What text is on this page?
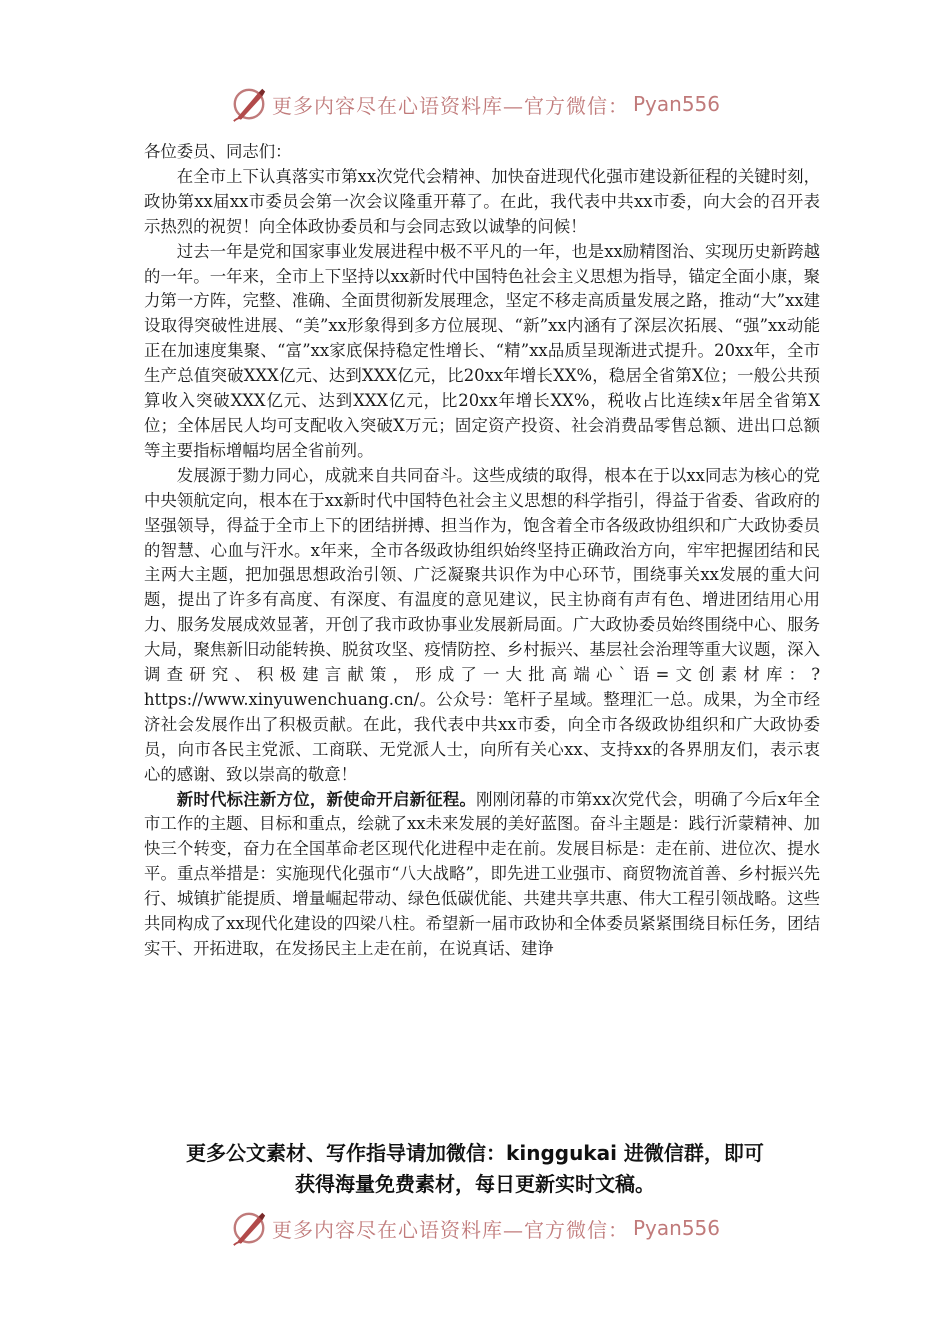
更多内容尽在心语资料库—官方微信： Pyan556

各位委员、同志们：

在全市上下认真落实市第xx次党代会精神、加快奋进现代化强市建设新征程的关键时刻，政协第xx届xx市委员会第一次会议隆重开幕了。在此，我代表中共xx市委，向大会的召开表示热烈的祝贺！向全体政协委员和与会同志致以诚挚的问候！

过去一年是党和国家事业发展进程中极不平凡的一年，也是xx励精图治、实现历史新跨越的一年。一年来，全市上下坚持以xx新时代中国特色社会主义思想为指导，锚定全面小康，聚力第一方阵，完整、准确、全面贯彻新发展理念，坚定不移走高质量发展之路，推动“大”xx建设取得突破性进展、“美”xx形象得到多方位展现、“新”xx内涵有了深层次拓展、“强”xx动能正在加速度集聚、“富”xx家底保持稳定性增长、“精”xx品质呈现渐进式提升。20xx年，全市生产总值突破XXX亿元、达到XXX亿元，比20xx年增长XX%，稳居全省第X位；一般公共预算收入突破XXX亿元、达到XXX亿元，比20xx年增长XX%，税收占比连续x年居全省第X位；全体居民人均可支配收入突破X万元；固定资产投资、社会消费品零售总额、进出口总额等主要指标增幅均居全省前列。

发展源于勠力同心，成就来自共同奋斗。这些成绩的取得，根本在于以xx同志为核心的党中央领航定向，根本在于xx新时代中国特色社会主义思想的科学指引，得益于省委、省政府的坚强领导，得益于全市上下的团结拼搏、担当作为，饱含着全市各级政协组织和广大政协委员的智慧、心血与汗水。x年来，全市各级政协组织始终坚持正确政治方向，牢牢把握团结和民主两大主题，把加强思想政治引领、广泛凝聚共识作为中心环节，围绕事关xx发展的重大问题，提出了许多有高度、有深度、有温度的意见建议，民主协商有声有色、增进团结用心用力、服务发展成效显著，开创了我市政协事业发展新局面。广大政协委员始终围绕中心、服务大局，聚焦新旧动能转换、脱贫攻坚、疫情防控、乡村振兴、基层社会治理等重大议题，深入调查研究、积极建言献策，形成了一大批高端心`语=文创素材库：?https://www.xinyuwenchuang.cn/。公众号：笔杆子星域。整理汇一总。成果，为全市经济社会发展作出了积极贡献。在此，我代表中共xx市委，向全市各级政协组织和广大政协委员，向市各民主党派、工商联、无党派人士，向所有关心xx、支持xx的各界朋友们，表示衷心的感谢、致以崇高的敬意！

新时代标注新方位，新使命开启新征程。刚刚闭幕的市第xx次党代会，明确了今后x年全市工作的主题、目标和重点，绘就了xx未来发展的美好蓝图。奋斗主题是：践行沂蒙精神、加快三个转变，奋力在全国革命老区现代化进程中走在前。发展目标是：走在前、进位次、提水平。重点举措是：实施现代化强市“八大战略”，即先进工业强市、商贸物流首善、乡村振兴先行、城镇扩能提质、增量崛起带动、绿色低碳优能、共建共享共惠、伟大工程引领战略。这些共同构成了xx现代化建设的四梁八柱。希望新一届市政协和全体委员紧紧围绕目标任务，团结实干、开拓进取，在发扬民主上走在前，在说真话、建诤

更多公文素材、写作指导请加微信：kinggukai 进微信群，即可
获得海量免费素材，每日更新实时文稿。
更多内容尽在心语资料库—官方微信： Pyan556
